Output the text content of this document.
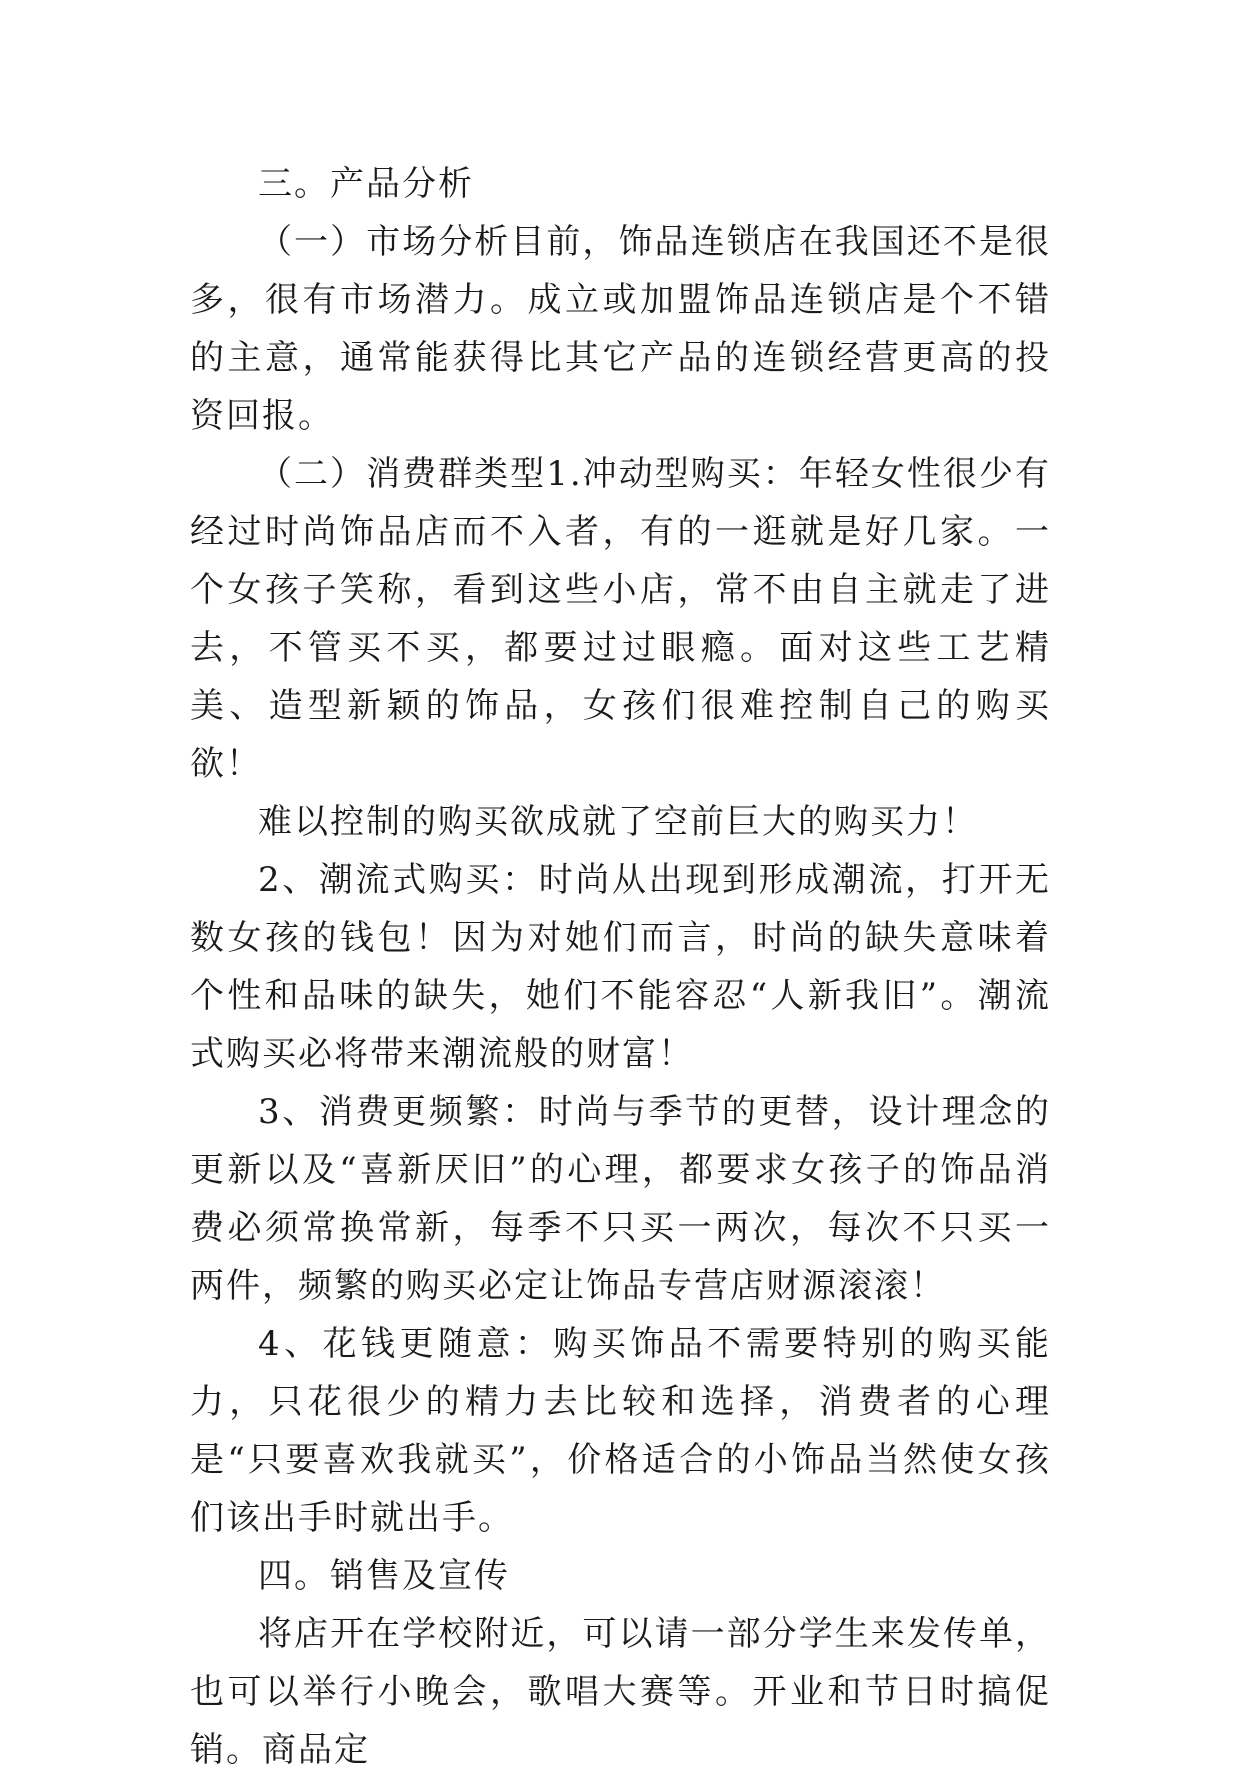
三。产品分析

（一）市场分析目前，饰品连锁店在我国还不是很多，很有市场潜力。成立或加盟饰品连锁店是个不错的主意，通常能获得比其它产品的连锁经营更高的投资回报。

（二）消费群类型1.冲动型购买：年轻女性很少有经过时尚饰品店而不入者，有的一逛就是好几家。一个女孩子笑称，看到这些小店，常不由自主就走了进去，不管买不买，都要过过眼瘾。面对这些工艺精美、造型新颖的饰品，女孩们很难控制自己的购买欲！

难以控制的购买欲成就了空前巨大的购买力！

2、潮流式购买：时尚从出现到形成潮流，打开无数女孩的钱包！因为对她们而言，时尚的缺失意味着个性和品味的缺失，她们不能容忍“人新我旧”。潮流式购买必将带来潮流般的财富！

3、消费更频繁：时尚与季节的更替，设计理念的更新以及“喜新厌旧”的心理，都要求女孩子的饰品消费必须常换常新，每季不只买一两次，每次不只买一两件，频繁的购买必定让饰品专营店财源滚滚！

4、花钱更随意：购买饰品不需要特别的购买能力，只花很少的精力去比较和选择，消费者的心理是“只要喜欢我就买”，价格适合的小饰品当然使女孩们该出手时就出手。

四。销售及宣传

将店开在学校附近，可以请一部分学生来发传单，也可以举行小晚会，歌唱大赛等。开业和节日时搞促销。商品定
